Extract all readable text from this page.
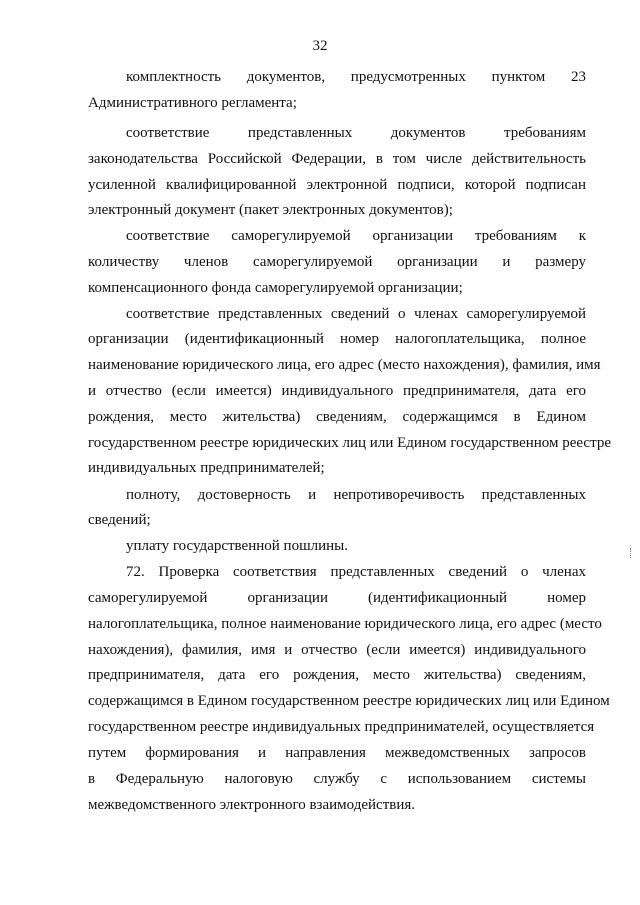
32
комплектность документов, предусмотренных пунктом 23
Административного регламента;
соответствие представленных документов требованиям
законодательства Российской Федерации, в том числе действительность
усиленной квалифицированной электронной подписи, которой подписан
электронный документ (пакет электронных документов);
соответствие саморегулируемой организации требованиям к
количеству членов саморегулируемой организации и размеру
компенсационного фонда саморегулируемой организации;
соответствие представленных сведений о членах саморегулируемой
организации (идентификационный номер налогоплательщика, полное
наименование юридического лица, его адрес (место нахождения), фамилия, имя
и отчество (если имеется) индивидуального предпринимателя, дата его
рождения, место жительства) сведениям, содержащимся в Едином
государственном реестре юридических лиц или Едином государственном реестре
индивидуальных предпринимателей;
полноту, достоверность и непротиворечивость представленных
сведений;
уплату государственной пошлины.
72. Проверка соответствия представленных сведений о членах
саморегулируемой организации (идентификационный номер
налогоплательщика, полное наименование юридического лица, его адрес (место
нахождения), фамилия, имя и отчество (если имеется) индивидуального
предпринимателя, дата его рождения, место жительства) сведениям,
содержащимся в Едином государственном реестре юридических лиц или Едином
государственном реестре индивидуальных предпринимателей, осуществляется
путем формирования и направления межведомственных запросов
в Федеральную налоговую службу с использованием системы
межведомственного электронного взаимодействия.
